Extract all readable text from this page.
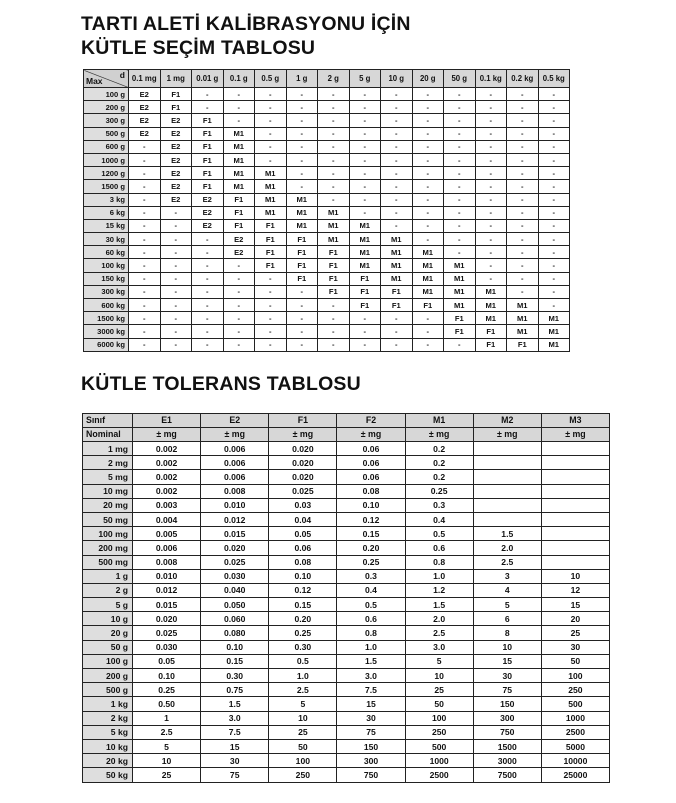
TARTI ALETİ KALİBRASYONU İÇİN
KÜTLE SEÇİM TABLOSU
d
Max	0.1 mg	1 mg	0.01 g	0.1 g	0.5 g	1 g	2 g	5 g	10 g	20 g	50 g	0.1 kg	0.2 kg	0.5 kg
100 g	E2	F1	-	-	-	-	-	-	-	-	-	-	-	-
200 g	E2	F1	-	-	-	-	-	-	-	-	-	-	-	-
300 g	E2	E2	F1	-	-	-	-	-	-	-	-	-	-	-
500 g	E2	E2	F1	M1	-	-	-	-	-	-	-	-	-	-
600 g	-	E2	F1	M1	-	-	-	-	-	-	-	-	-	-
1000 g	-	E2	F1	M1	-	-	-	-	-	-	-	-	-	-
1200 g	-	E2	F1	M1	M1	-	-	-	-	-	-	-	-	-
1500 g	-	E2	F1	M1	M1	-	-	-	-	-	-	-	-	-
3 kg	-	E2	E2	F1	M1	M1	-	-	-	-	-	-	-	-
6 kg	-	-	E2	F1	M1	M1	M1	-	-	-	-	-	-	-
15 kg	-	-	E2	F1	F1	M1	M1	M1	-	-	-	-	-	-
30 kg	-	-	-	E2	F1	F1	M1	M1	M1	-	-	-	-	-
60 kg	-	-	-	E2	F1	F1	F1	M1	M1	M1	-	-	-	-
100 kg	-	-	-	-	F1	F1	F1	M1	M1	M1	M1	-	-	-
150 kg	-	-	-	-	-	F1	F1	F1	M1	M1	M1	-	-	-
300 kg	-	-	-	-	-	-	F1	F1	F1	M1	M1	M1	-	-
600 kg	-	-	-	-	-	-	-	F1	F1	F1	M1	M1	M1	-
1500 kg	-	-	-	-	-	-	-	-	-	-	F1	M1	M1	M1
3000 kg	-	-	-	-	-	-	-	-	-	-	F1	F1	M1	M1
6000 kg	-	-	-	-	-	-	-	-	-	-	-	F1	F1	M1
KÜTLE TOLERANS TABLOSU
Sınıf	E1	E2	F1	F2	M1	M2	M3
Nominal	± mg	± mg	± mg	± mg	± mg	± mg	± mg
1 mg	0.002	0.006	0.020	0.06	0.2		
2 mg	0.002	0.006	0.020	0.06	0.2		
5 mg	0.002	0.006	0.020	0.06	0.2		
10 mg	0.002	0.008	0.025	0.08	0.25		
20 mg	0.003	0.010	0.03	0.10	0.3		
50 mg	0.004	0.012	0.04	0.12	0.4		
100 mg	0.005	0.015	0.05	0.15	0.5	1.5	
200 mg	0.006	0.020	0.06	0.20	0.6	2.0	
500 mg	0.008	0.025	0.08	0.25	0.8	2.5	
1 g	0.010	0.030	0.10	0.3	1.0	3	10
2 g	0.012	0.040	0.12	0.4	1.2	4	12
5 g	0.015	0.050	0.15	0.5	1.5	5	15
10 g	0.020	0.060	0.20	0.6	2.0	6	20
20 g	0.025	0.080	0.25	0.8	2.5	8	25
50 g	0.030	0.10	0.30	1.0	3.0	10	30
100 g	0.05	0.15	0.5	1.5	5	15	50
200 g	0.10	0.30	1.0	3.0	10	30	100
500 g	0.25	0.75	2.5	7.5	25	75	250
1 kg	0.50	1.5	5	15	50	150	500
2 kg	1	3.0	10	30	100	300	1000
5 kg	2.5	7.5	25	75	250	750	2500
10 kg	5	15	50	150	500	1500	5000
20 kg	10	30	100	300	1000	3000	10000
50 kg	25	75	250	750	2500	7500	25000
